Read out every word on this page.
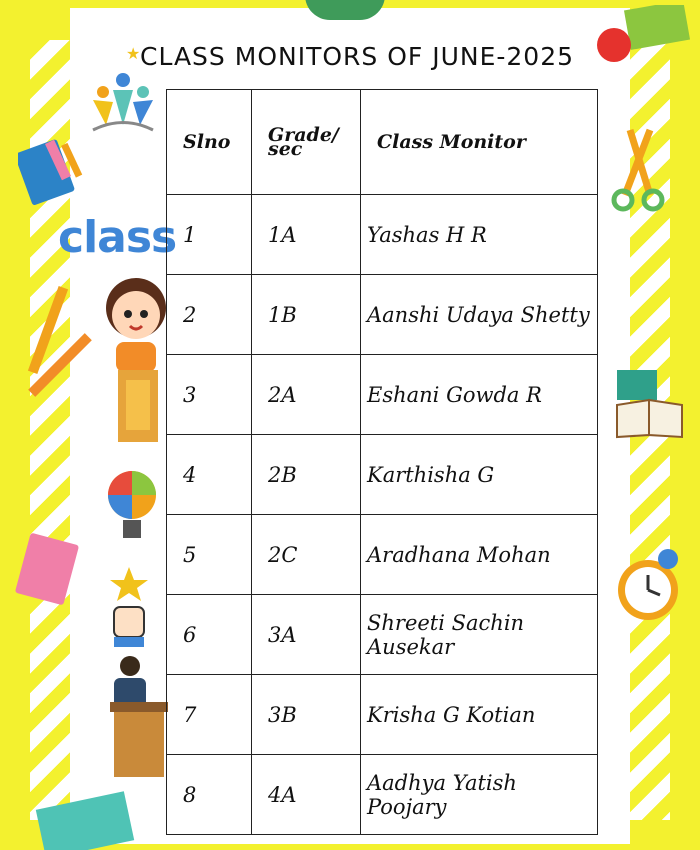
class
★ CLASS MONITORS OF JUNE-2025
Slno	Grade/ sec	Class Monitor
1	1A	Yashas H R
2	1B	Aanshi Udaya Shetty
3	2A	Eshani Gowda R
4	2B	Karthisha G
5	2C	Aradhana Mohan
6	3A	Shreeti Sachin Ausekar
7	3B	Krisha G Kotian
8	4A	Aadhya Yatish Poojary
